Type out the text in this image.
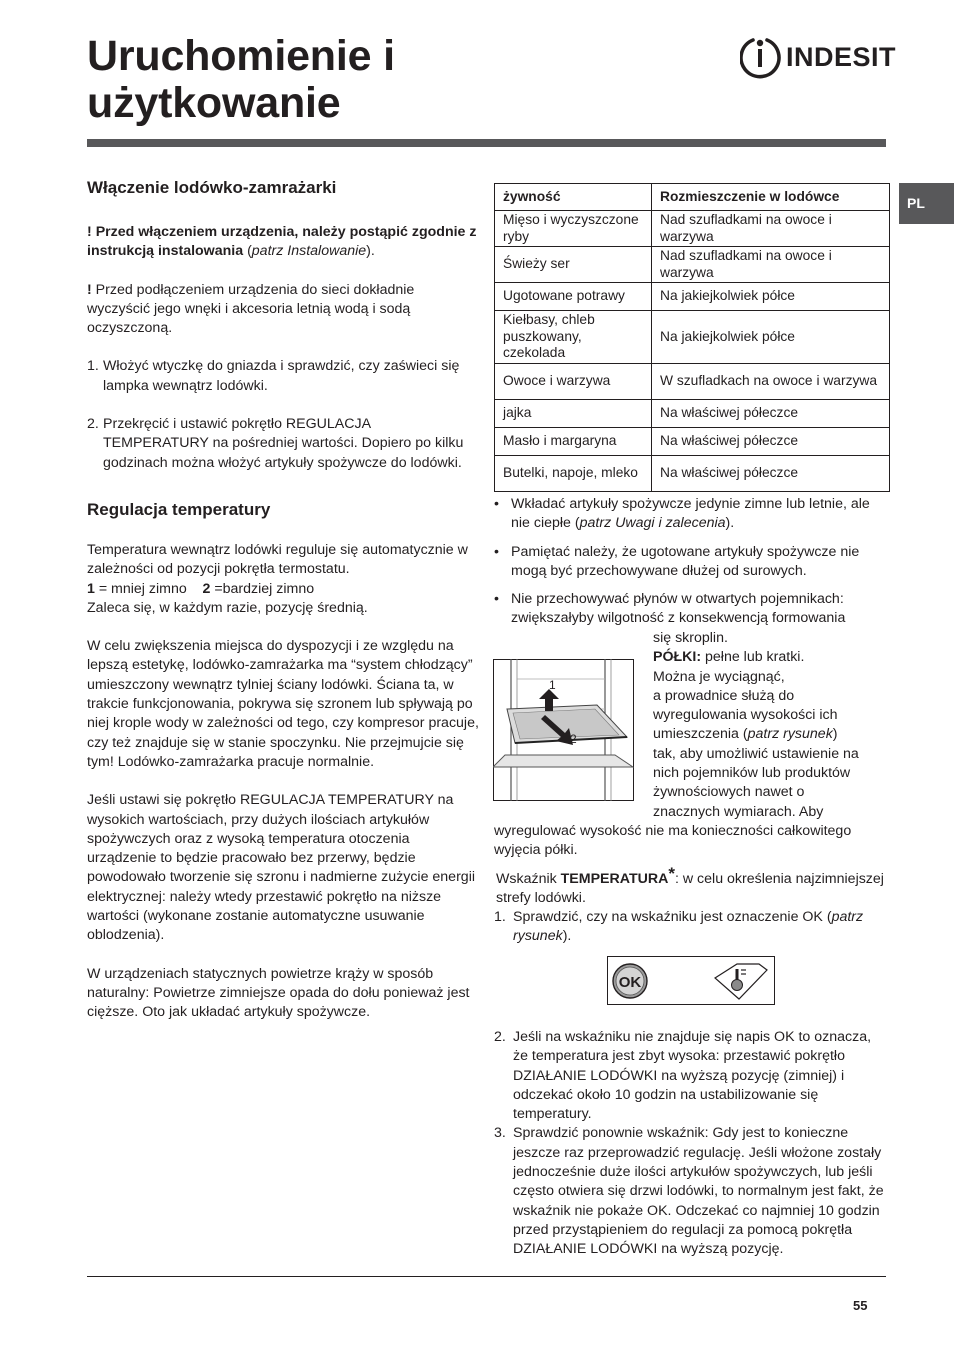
Uruchomienie i
użytkowanie
INDESIT
PL
Włączenie lodówko-zamrażarki

! Przed włączeniem urządzenia, należy postąpić zgodnie z instrukcją instalowania (patrz Instalowanie).

! Przed podłączeniem urządzenia do sieci dokładnie wyczyścić jego wnęki i akcesoria letnią wodą i sodą oczyszczoną.

1. Włożyć wtyczkę do gniazda i sprawdzić, czy zaświeci się lampka wewnątrz lodówki.
2. Przekręcić i ustawić pokrętło REGULACJA TEMPERATURY na pośredniej wartości. Dopiero po kilku godzinach można włożyć artykuły spożywcze do lodówki.
Regulacja temperatury

Temperatura wewnątrz lodówki reguluje się automatycznie w zależności od pozycji pokrętła termostatu.
1 = mniej zimno 2 =bardziej zimno
Zaleca się, w każdym razie, pozycję średnią.

W celu zwiększenia miejsca do dyspozycji i ze względu na lepszą estetykę, lodówko-zamrażarka ma “system chłodzący” umieszczony wewnątrz tylniej ściany lodówki. Ściana ta, w trakcie funkcjonowania, pokrywa się szronem lub spływają po niej krople wody w zależności od tego, czy kompresor pracuje, czy też znajduje się w stanie spoczynku. Nie przejmujcie się tym! Lodówko-zamrażarka pracuje normalnie.

Jeśli ustawi się pokrętło REGULACJA TEMPERATURY na wysokich wartościach, przy dużych ilościach artykułów spożywczych oraz z wysoką temperatura otoczenia urządzenie to będzie pracowało bez przerwy, będzie powodowało tworzenie się szronu i nadmierne zużycie energii elektrycznej: należy wtedy przestawić pokrętło na niższe wartości (wykonane zostanie automatyczne usuwanie oblodzenia).

W urządzeniach statycznych powietrze krąży w sposób naturalny: Powietrze zimniejsze opada do dołu ponieważ jest cięższe. Oto jak układać artykuły spożywcze.

żywność	Rozmieszczenie w lodówce
Mięso i wyczyszczone ryby	Nad szufladkami na owoce i warzywa
Świeży ser	Nad szufladkami na owoce i warzywa
Ugotowane potrawy	Na jakiejkolwiek półce
Kiełbasy, chleb puszkowany, czekolada	Na jakiejkolwiek półce
Owoce i warzywa	W szufladkach na owoce i warzywa
jajka	Na właściwej półeczce
Masło i margaryna	Na właściwej półeczce
Butelki, napoje, mleko	Na właściwej półeczce
• Wkładać artykuły spożywcze jedynie zimne lub letnie, ale nie ciepłe (patrz Uwagi i zalecenia).
• Pamiętać należy, że ugotowane artykuły spożywcze nie mogą być przechowywane dłużej od surowych.
• Nie przechowywać płynów w otwartych pojemnikach: zwiększałyby wilgotność z konsekwencją formowania
1
2
się skroplin.
PÓŁKI: pełne lub kratki.
Można je wyciągnąć,
a prowadnice służą do
wyregulowania wysokości ich
umieszczenia (patrz rysunek)
tak, aby umożliwić ustawienie na
nich pojemników lub produktów
żywnościowych nawet o
znacznych wymiarach. Aby
wyregulować wysokość nie ma konieczności całkowitego wyjęcia półki.
Wskaźnik TEMPERATURA*: w celu określenia najzimniejszej strefy lodówki.
1. Sprawdzić, czy na wskaźniku jest oznaczenie OK (patrz rysunek).
OK
2. Jeśli na wskaźniku nie znajduje się napis OK to oznacza, że temperatura jest zbyt wysoka: przestawić pokrętło DZIAŁANIE LODÓWKI na wyższą pozycję (zimniej) i odczekać około 10 godzin na ustabilizowanie się temperatury.
3. Sprawdzić ponownie wskaźnik: Gdy jest to konieczne jeszcze raz przeprowadzić regulację. Jeśli włożone zostały jednocześnie duże ilości artykułów spożywczych, lub jeśli często otwiera się drzwi lodówki, to normalnym jest fakt, że wskaźnik nie pokaże OK. Odczekać co najmniej 10 godzin przed przystąpieniem do regulacji za pomocą pokrętła DZIAŁANIE LODÓWKI na wyższą pozycję.
55
